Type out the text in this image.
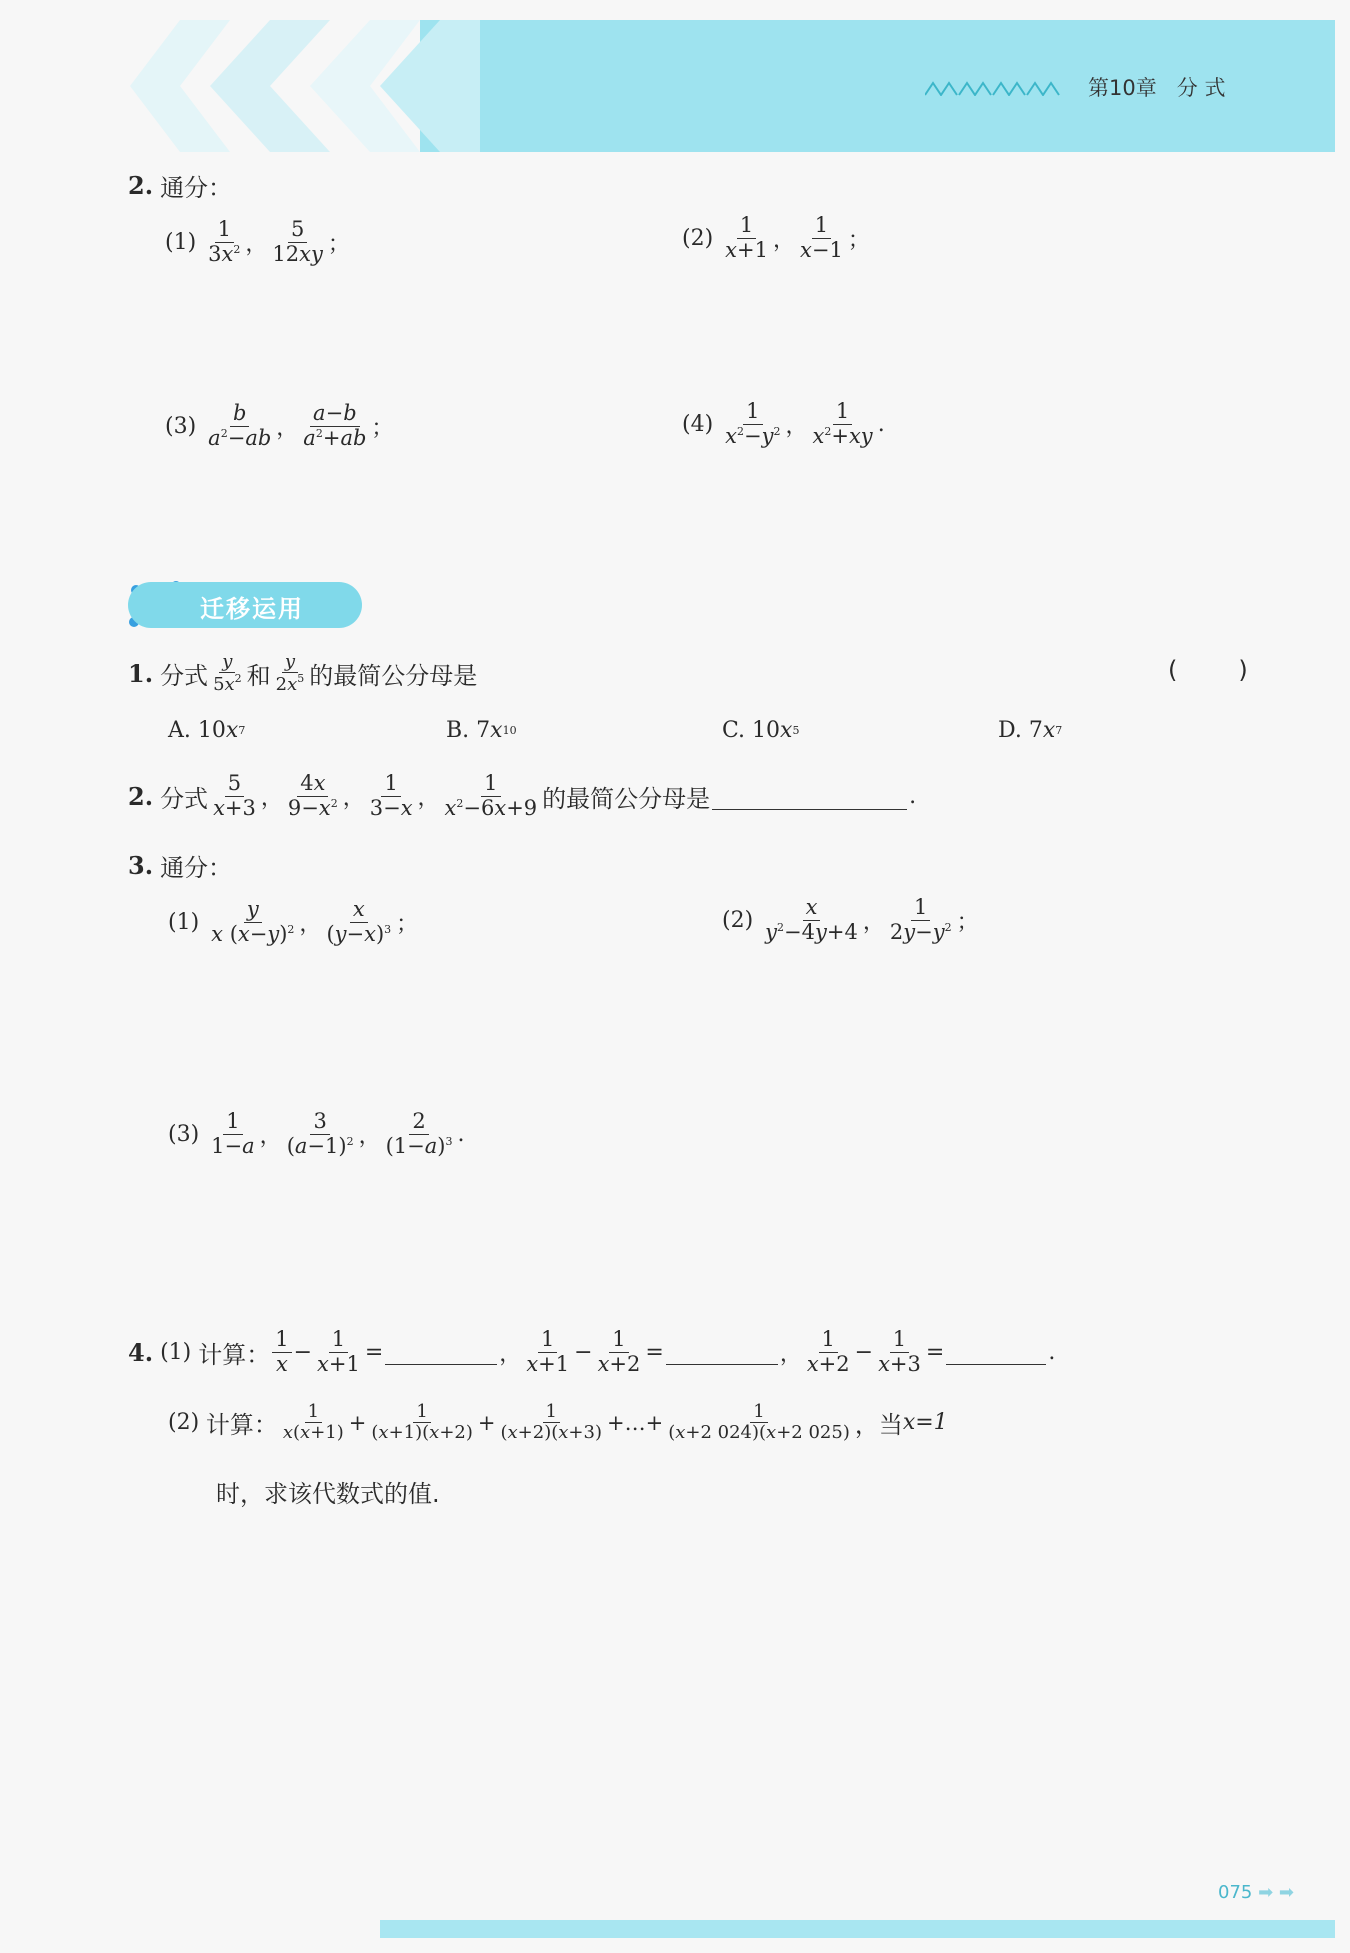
第10章 分 式
2.
通分：
(1)
$\frac{1}{3x^2}$ ， $\frac{5}{12xy}$ ；	(2)
$\frac{1}{x+1}$ ， $\frac{1}{x-1}$ ；
(3)
$\frac{b}{a^2-ab}$ ， $\frac{a-b}{a^2+ab}$ ；	(4)
$\frac{1}{x^2-y^2}$ ， $\frac{1}{x^2+xy}$ .
迁移运用
1.
分式 $\frac{y}{5x^2}$ 和 $\frac{y}{2x^5}$ 的最简公分母是	(        )
A.
10 x 7	B.
7 x 10	C.
10 x 5	D.
7 x 7
2.
分式 $\frac{5}{x+3}$ ， $\frac{4x}{9-x^2}$ ， $\frac{1}{3-x}$ ， $\frac{1}{x^2-6x+9}$ 的最简公分母是	.
3.
通分：
(1)
$\frac{y}{x (x-y)^2}$ ， $\frac{x}{(y-x)^3}$ ；	(2)
$\frac{x}{y^2-4y+4}$ ， $\frac{1}{2y-y^2}$ ；
(3)
$\frac{1}{1-a}$ ， $\frac{3}{(a-1)^2}$ ， $\frac{2}{(1-a)^3}$ .
4.
(1)
计算： $\frac{1}{x} - \frac{1}{x+1}$ =	， $\frac{1}{x+1} - \frac{1}{x+2}$ =	， $\frac{1}{x+2} - \frac{1}{x+3}$ =	.
(2)
计算： $\frac{1}{x(x+1)} + \frac{1}{(x+1)(x+2)} + \frac{1}{(x+2)(x+3)}$ +…+ $\frac{1}{(x+2 024)(x+2 025)}$ ，当 x=1
时，求该代数式的值.
075 ➡ ➡
